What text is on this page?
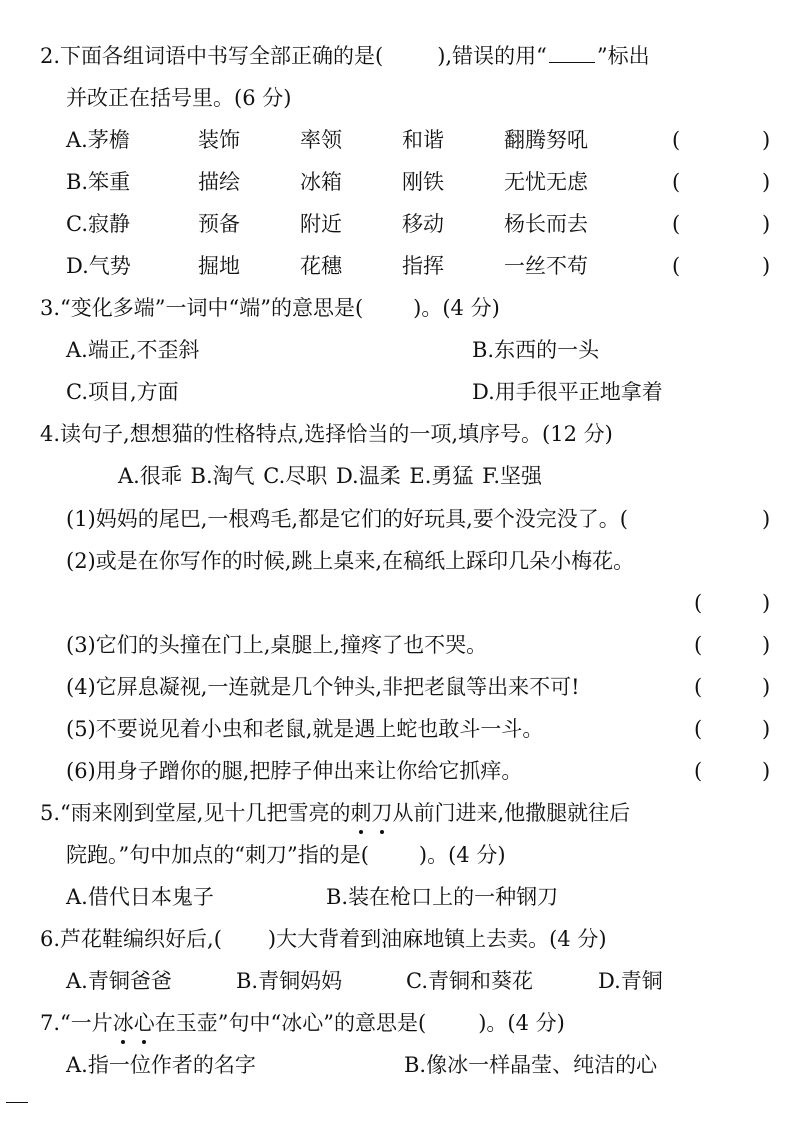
2.下面各组词语中书写全部正确的是(	),错误的用“ ”标出
并改正在括号里。(6 分)
A.茅檐	装饰	率领	和谐	翻腾努吼	(	)
B.笨重	描绘	冰箱	刚铁	无忧无虑	(	)
C.寂静	预备	附近	移动	杨长而去	(	)
D.气势	掘地	花穗	指挥	一丝不苟	(	)
3.“变化多端”一词中“端”的意思是( )。(4 分)
A.端正,不歪斜	B.东西的一头
C.项目,方面	D.用手很平正地拿着
4.读句子,想想猫的性格特点,选择恰当的一项,填序号。(12 分)
A.很乖 B.淘气 C.尽职 D.温柔 E.勇猛 F.坚强
(1)妈妈的尾巴,一根鸡毛,都是它们的好玩具,要个没完没了。(	)
(2)或是在你写作的时候,跳上桌来,在稿纸上踩印几朵小梅花。
(	)
(3)它们的头撞在门上,桌腿上,撞疼了也不哭。	(	)
(4)它屏息凝视,一连就是几个钟头,非把老鼠等出来不可!	(	)
(5)不要说见着小虫和老鼠,就是遇上蛇也敢斗一斗。	(	)
(6)用身子蹭你的腿,把脖子伸出来让你给它抓痒。	(	)
5.“雨来刚到堂屋,见十几把雪亮的刺刀从前门进来,他撒腿就往后
院跑。”句中加点的“刺刀”指的是( )。(4 分)
A.借代日本鬼子	B.装在枪口上的一种钢刀
6.芦花鞋编织好后,( )大大背着到油麻地镇上去卖。(4 分)
A.青铜爸爸	B.青铜妈妈	C.青铜和葵花	D.青铜
7.“一片冰心在玉壶”句中“冰心”的意思是( )。(4 分)
A.指一位作者的名字	B.像冰一样晶莹、纯洁的心
